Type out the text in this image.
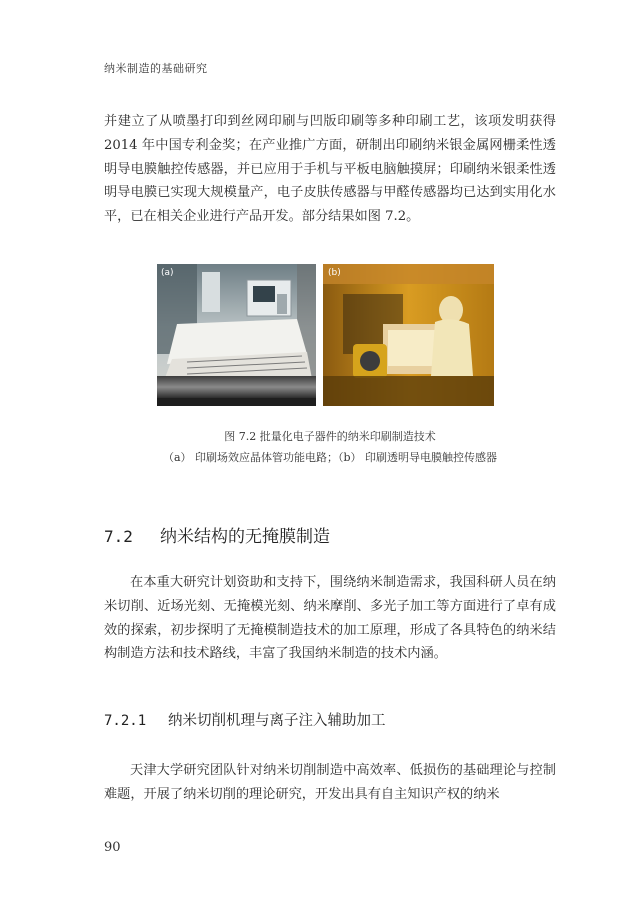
纳米制造的基础研究

并建立了从喷墨打印到丝网印刷与凹版印刷等多种印刷工艺，该项发明获得 2014 年中国专利金奖；在产业推广方面，研制出印刷纳米银金属网栅柔性透明导电膜触控传感器，并已应用于手机与平板电脑触摸屏；印刷纳米银柔性透明导电膜已实现大规模量产，电子皮肤传感器与甲醛传感器均已达到实用化水平，已在相关企业进行产品开发。部分结果如图 7.2。

(a)	(b)
图 7.2 批量化电子器件的纳米印刷制造技术
（a） 印刷场效应晶体管功能电路；（b） 印刷透明导电膜触控传感器
7.2 纳米结构的无掩膜制造

在本重大研究计划资助和支持下，围绕纳米制造需求，我国科研人员在纳米切削、近场光刻、无掩模光刻、纳米摩削、多光子加工等方面进行了卓有成效的探索，初步探明了无掩模制造技术的加工原理，形成了各具特色的纳米结构制造方法和技术路线，丰富了我国纳米制造的技术内涵。

7.2.1 纳米切削机理与离子注入辅助加工

天津大学研究团队针对纳米切削制造中高效率、低损伤的基础理论与控制难题，开展了纳米切削的理论研究，开发出具有自主知识产权的纳米

90
